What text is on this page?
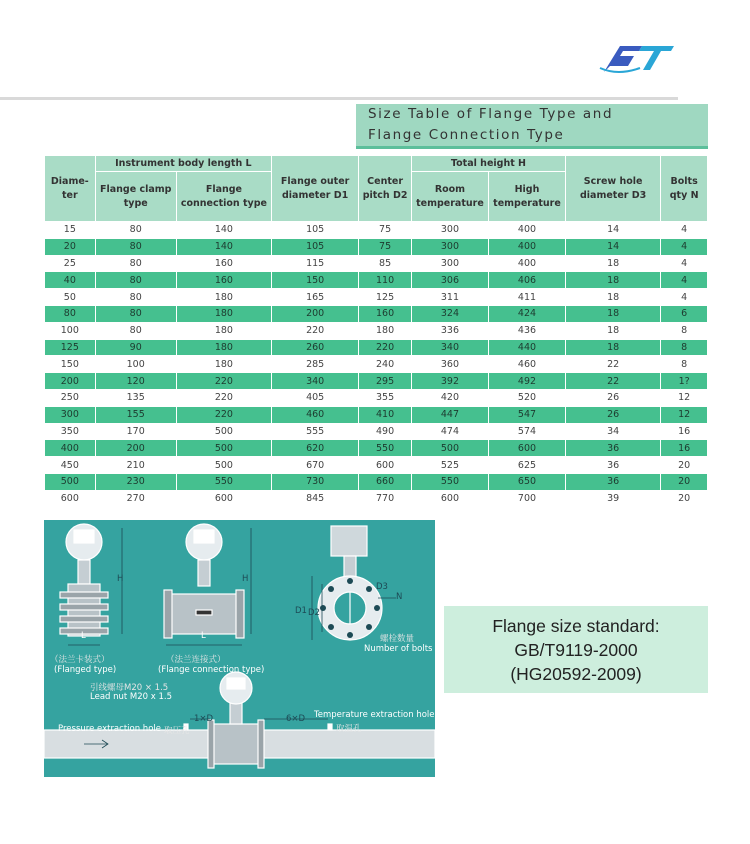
Size Table of Flange Type and
Flange Connection Type
Diame-ter	Instrument body length L		Flange outer diameter D1	Center pitch D2	Total height H		Screw hole diameter D3	Bolts qty N
	Flange clamp type	Flange connection type			Room temperature	High temperature		
15	80	140	105	75	300	400	14	4
20	80	140	105	75	300	400	14	4
25	80	160	115	85	300	400	18	4
40	80	160	150	110	306	406	18	4
50	80	180	165	125	311	411	18	4
80	80	180	200	160	324	424	18	6
100	80	180	220	180	336	436	18	8
125	90	180	260	220	340	440	18	8
150	100	180	285	240	360	460	22	8
200	120	220	340	295	392	492	22	1?
250	135	220	405	355	420	520	26	12
300	155	220	460	410	447	547	26	12
350	170	500	555	490	474	574	34	16
400	200	500	620	550	500	600	36	16
450	210	500	670	600	525	625	36	20
500	230	550	730	660	550	650	36	20
600	270	600	845	770	600	700	39	20
H	H
L	L
D1 D2
D3
N
（法兰卡装式）
(Flanged type)
（法兰连接式）
(Flange connection type)
螺栓数量
Number of bolts
引线螺母M20 × 1.5
Lead nut M20 x 1.5
Pressure extraction hole 取压孔
Temperature extraction hole
取温孔
1×D	6×D
Flange size standard:
GB/T9119-2000
(HG20592-2009)
